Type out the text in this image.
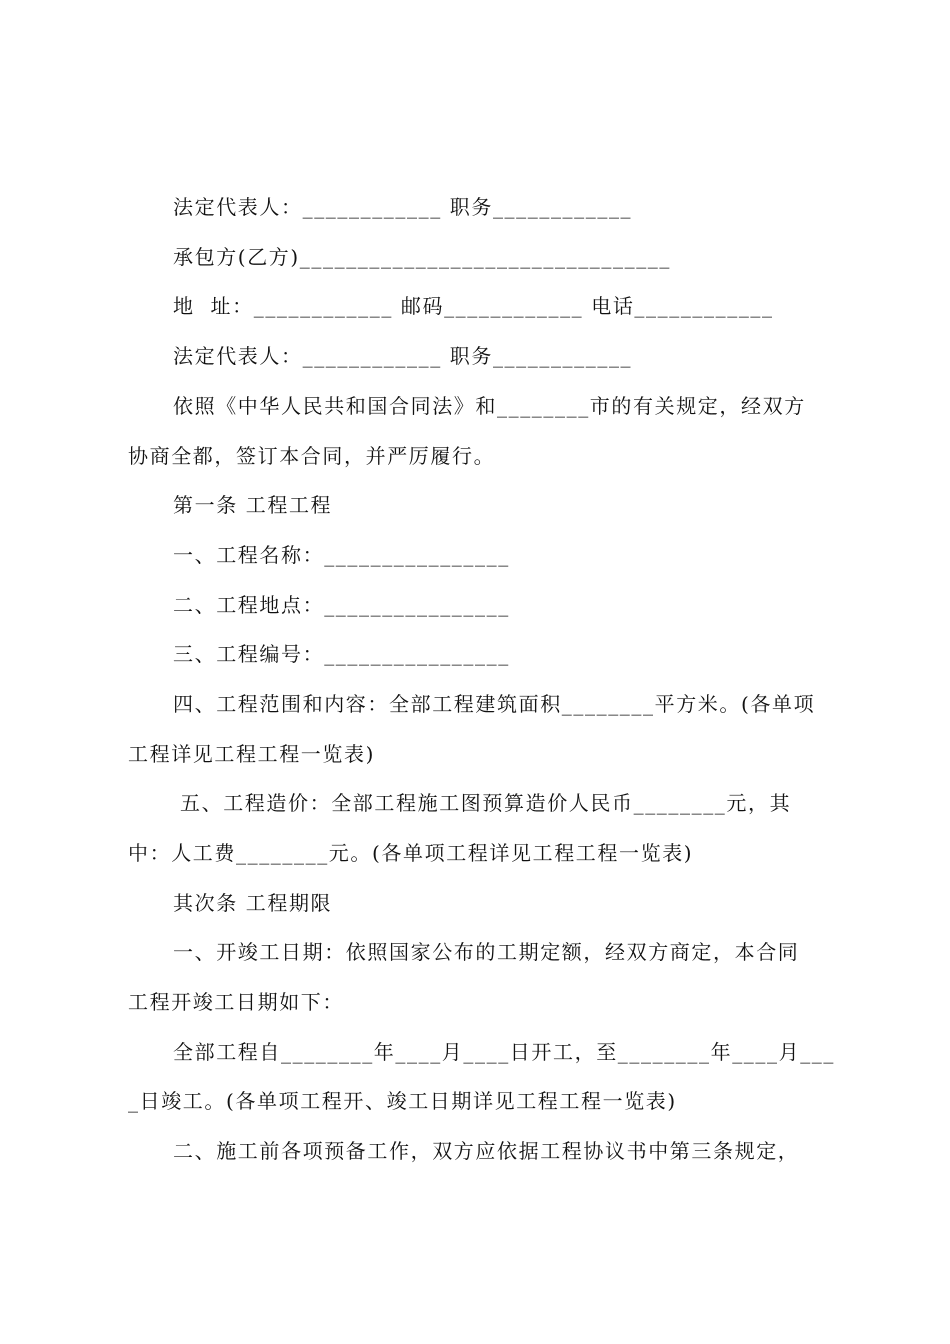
法定代表人：____________ 职务____________
承包方(乙方)________________________________
地  址：____________ 邮码____________ 电话____________
法定代表人：____________ 职务____________
依照《中华人民共和国合同法》和________市的有关规定，经双方
协商全都，签订本合同，并严厉履行。
第一条 工程工程
一、工程名称：________________
二、工程地点：________________
三、工程编号：________________
四、工程范围和内容：全部工程建筑面积________平方米。(各单项
工程详见工程工程一览表)
五、工程造价：全部工程施工图预算造价人民币________元，其
中：人工费________元。(各单项工程详见工程工程一览表)
其次条 工程期限
一、开竣工日期：依照国家公布的工期定额，经双方商定，本合同
工程开竣工日期如下：
全部工程自________年____月____日开工，至________年____月___
_日竣工。(各单项工程开、竣工日期详见工程工程一览表)
二、施工前各项预备工作，双方应依据工程协议书中第三条规定，
